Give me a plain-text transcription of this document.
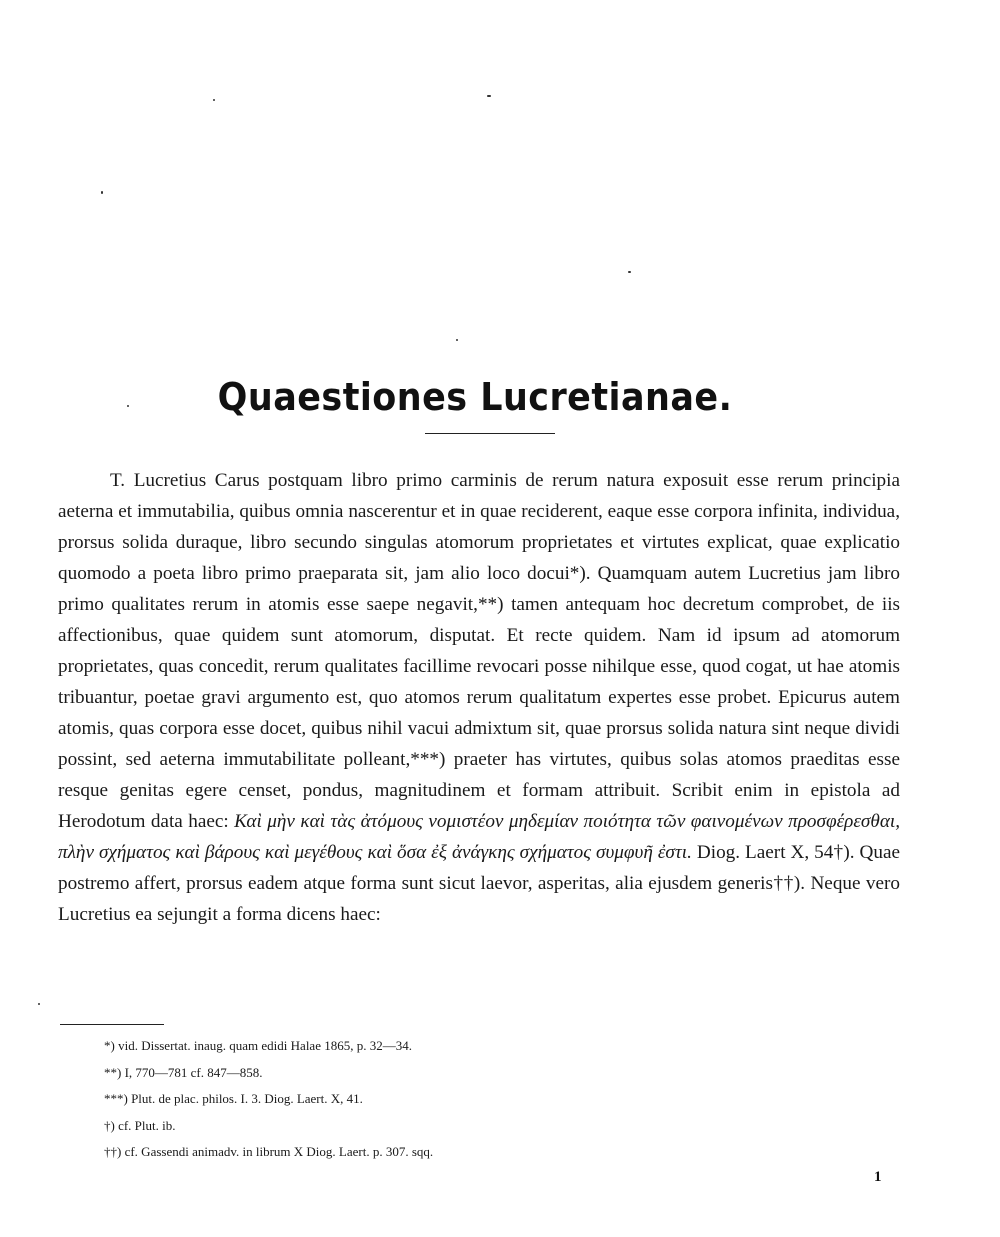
Quaestiones Lucretianae.

T. Lucretius Carus postquam libro primo carminis de rerum natura exposuit esse rerum principia aeterna et immutabilia, quibus omnia nascerentur et in quae reciderent, eaque esse corpora infinita, individua, prorsus solida duraque, libro secundo singulas atomorum proprietates et virtutes explicat, quae explicatio quomodo a poeta libro primo praeparata sit, jam alio loco docui*). Quamquam autem Lucretius jam libro primo qualitates rerum in atomis esse saepe negavit,**) tamen antequam hoc decretum comprobet, de iis affectionibus, quae quidem sunt atomorum, disputat. Et recte quidem. Nam id ipsum ad atomorum proprietates, quas concedit, rerum qualitates facillime revocari posse nihilque esse, quod cogat, ut hae atomis tribuantur, poetae gravi argumento est, quo atomos rerum qualitatum expertes esse probet. Epicurus autem atomis, quas corpora esse docet, quibus nihil vacui admixtum sit, quae prorsus solida natura sint neque dividi possint, sed aeterna immutabilitate polleant,***) praeter has virtutes, quibus solas atomos praeditas esse resque genitas egere censet, pondus, magnitudinem et formam attribuit. Scribit enim in epistola ad Herodotum data haec: Καὶ μὴν καὶ τὰς ἀτόμους νομιστέον μηδεμίαν ποιότητα τῶν φαινομένων προσφέρεσθαι, πλὴν σχήματος καὶ βάρους καὶ μεγέθους καὶ ὅσα ἐξ ἀνάγκης σχήματος συμφυῆ ἐστι. Diog. Laert X, 54†). Quae postremo affert, prorsus eadem atque forma sunt sicut laevor, asperitas, alia ejusdem generis††). Neque vero Lucretius ea sejungit a forma dicens haec:

*) vid. Dissertat. inaug. quam edidi Halae 1865, p. 32—34.
**) I, 770—781 cf. 847—858.
***) Plut. de plac. philos. I. 3. Diog. Laert. X, 41.
†) cf. Plut. ib.
††) cf. Gassendi animadv. in librum X Diog. Laert. p. 307. sqq.
1
